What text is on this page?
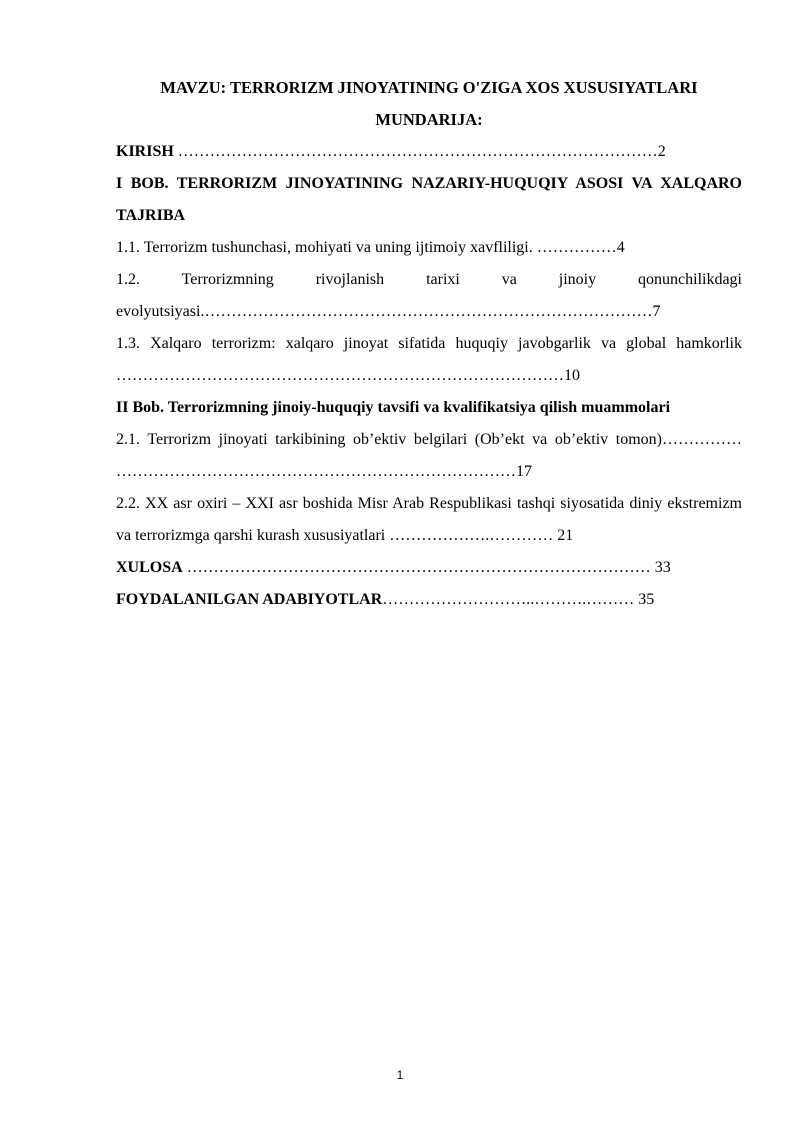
MAVZU: TERRORIZM JINOYATINING O'ZIGA XOS XUSUSIYATLARI

MUNDARIJA:

KIRISH ………………………………………………………………………………2

I BOB. TERRORIZM JINOYATINING NAZARIY-HUQUQIY ASOSI VA XALQARO TAJRIBA

1.1. Terrorizm tushunchasi, mohiyati va uning ijtimoiy xavfliligi. ……………4

1.2. Terrorizmning rivojlanish tarixi va jinoiy qonunchilikdagi evolyutsiyasi.…………………………………………………………………………7

1.3. Xalqaro terrorizm: xalqaro jinoyat sifatida huquqiy javobgarlik va global hamkorlik …………………………………………………………………………10

II Bob. Terrorizmning jinoiy-huquqiy tavsifi va kvalifikatsiya qilish muammolari

2.1. Terrorizm jinoyati tarkibining ob’ektiv belgilari (Ob’ekt va ob’ektiv tomon)…………… …………………………………………………………………17

2.2. XX asr oxiri – XXI asr boshida Misr Arab Respublikasi tashqi siyosatida diniy ekstremizm va terrorizmga qarshi kurash xususiyatlari ……………….………… 21

XULOSA …………………………………………………………………………… 33

FOYDALANILGAN ADABIYOTLAR………………………..……….……… 35

1
